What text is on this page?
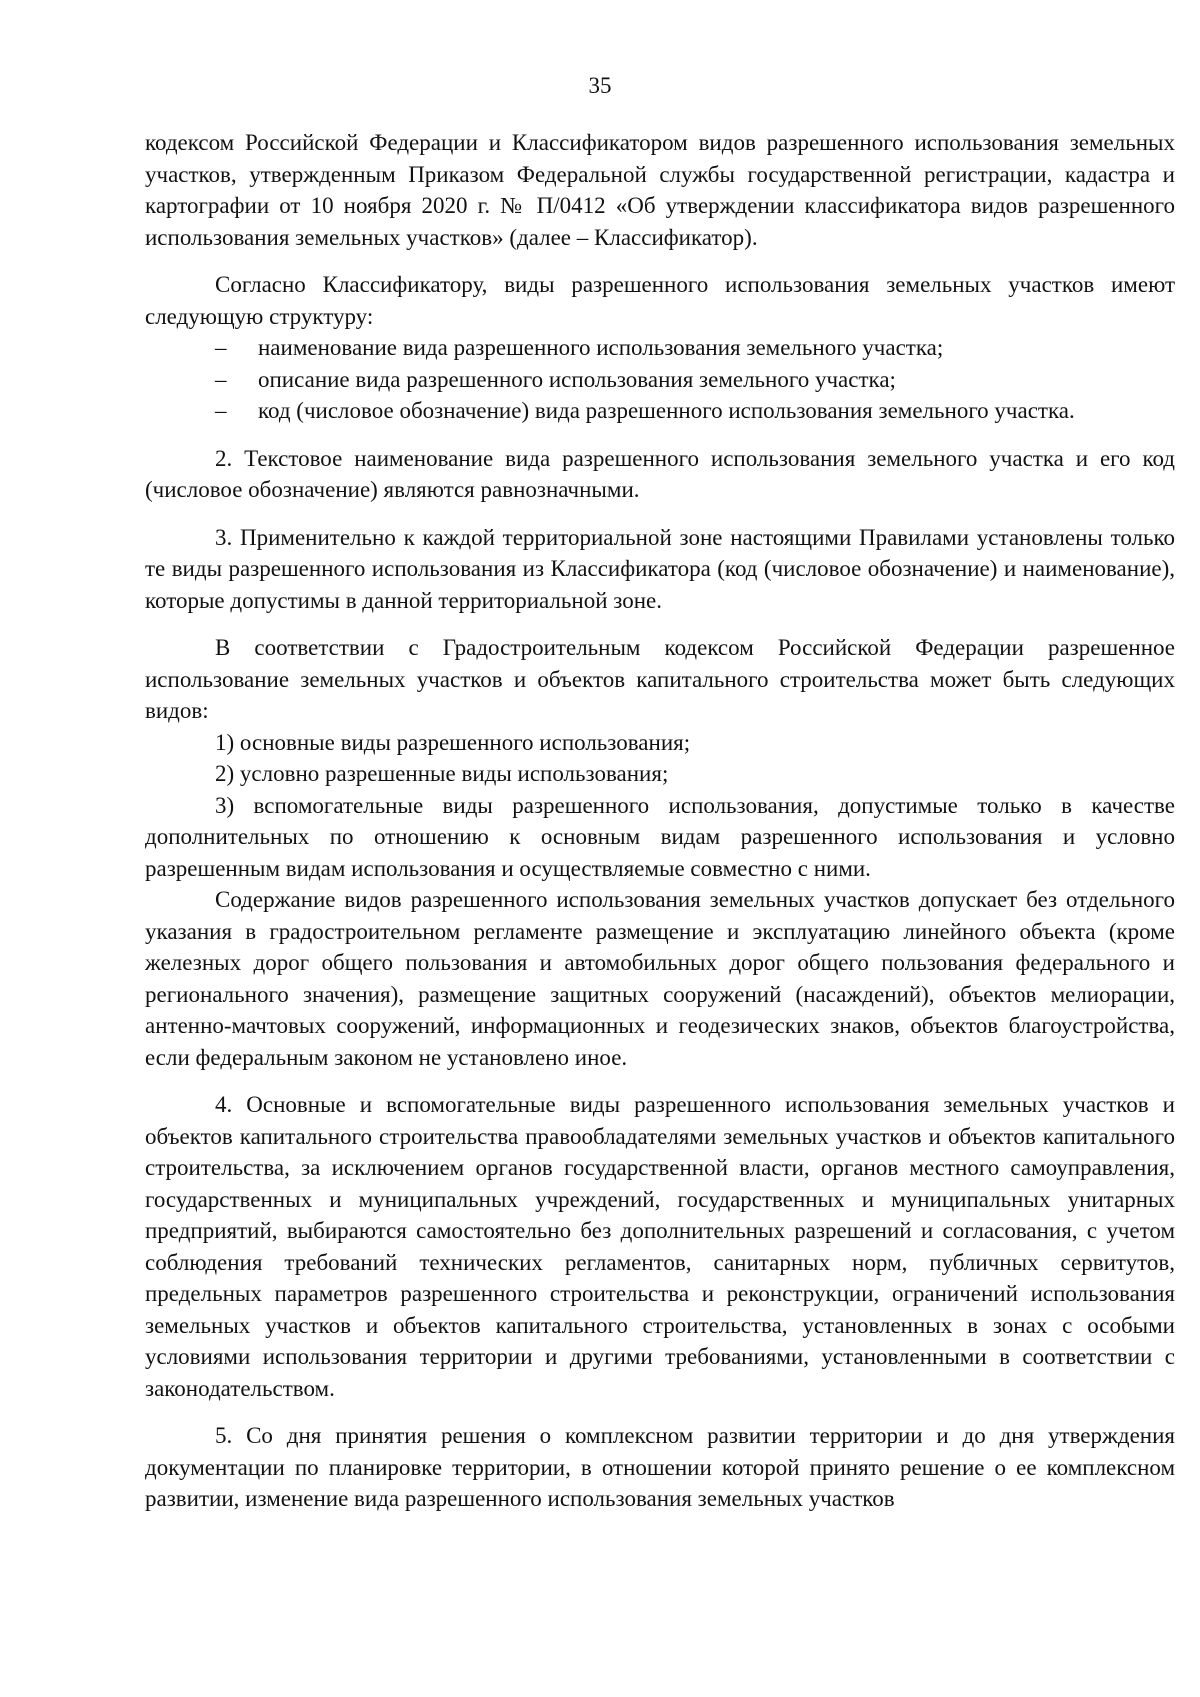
35

кодексом Российской Федерации и Классификатором видов разрешенного использования земельных участков, утвержденным Приказом Федеральной службы государственной регистрации, кадастра и картографии от 10 ноября 2020 г. № П/0412 «Об утверждении классификатора видов разрешенного использования земельных участков» (далее – Классификатор).

Согласно Классификатору, виды разрешенного использования земельных участков имеют следующую структуру:

– наименование вида разрешенного использования земельного участка;
– описание вида разрешенного использования земельного участка;
– код (числовое обозначение) вида разрешенного использования земельного участка.

2. Текстовое наименование вида разрешенного использования земельного участка и его код (числовое обозначение) являются равнозначными.

3. Применительно к каждой территориальной зоне настоящими Правилами установлены только те виды разрешенного использования из Классификатора (код (числовое обозначение) и наименование), которые допустимы в данной территориальной зоне.

В соответствии с Градостроительным кодексом Российской Федерации разрешенное использование земельных участков и объектов капитального строительства может быть следующих видов:

1) основные виды разрешенного использования;

2) условно разрешенные виды использования;

3) вспомогательные виды разрешенного использования, допустимые только в качестве дополнительных по отношению к основным видам разрешенного использования и условно разрешенным видам использования и осуществляемые совместно с ними.

Содержание видов разрешенного использования земельных участков допускает без отдельного указания в градостроительном регламенте размещение и эксплуатацию линейного объекта (кроме железных дорог общего пользования и автомобильных дорог общего пользования федерального и регионального значения), размещение защитных сооружений (насаждений), объектов мелиорации, антенно-мачтовых сооружений, информационных и геодезических знаков, объектов благоустройства, если федеральным законом не установлено иное.

4. Основные и вспомогательные виды разрешенного использования земельных участков и объектов капитального строительства правообладателями земельных участков и объектов капитального строительства, за исключением органов государственной власти, органов местного самоуправления, государственных и муниципальных учреждений, государственных и муниципальных унитарных предприятий, выбираются самостоятельно без дополнительных разрешений и согласования, с учетом соблюдения требований технических регламентов, санитарных норм, публичных сервитутов, предельных параметров разрешенного строительства и реконструкции, ограничений использования земельных участков и объектов капитального строительства, установленных в зонах с особыми условиями использования территории и другими требованиями, установленными в соответствии с законодательством.

5. Со дня принятия решения о комплексном развитии территории и до дня утверждения документации по планировке территории, в отношении которой принято решение о ее комплексном развитии, изменение вида разрешенного использования земельных участков
